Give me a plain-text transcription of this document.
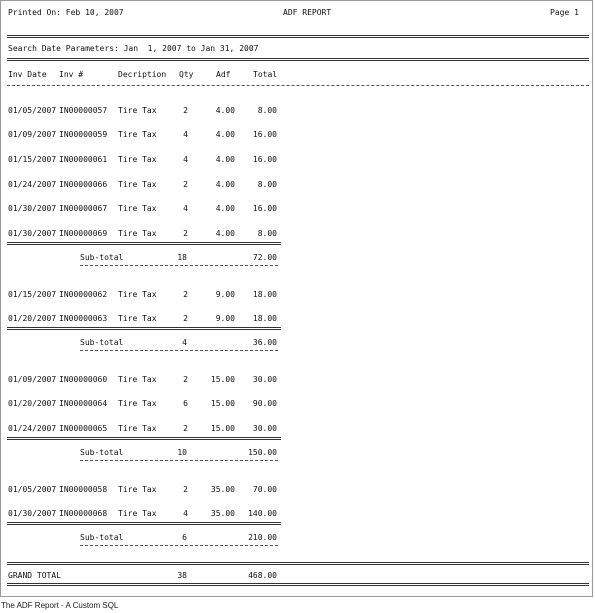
Printed On: Feb 10, 2007	ADF REPORT	Page 1
Search Date Parameters: Jan  1, 2007 to Jan 31, 2007
Inv Date Inv #	Decription Qty	Adf	Total
01/05/2007 IN00000057 Tire Tax	2	4.00	8.00
01/09/2007 IN00000059 Tire Tax	4	4.00	16.00
01/15/2007 IN00000061 Tire Tax	4	4.00	16.00
01/24/2007 IN00000066 Tire Tax	2	4.00	8.00
01/30/2007 IN00000067 Tire Tax	4	4.00	16.00
01/30/2007 IN00000069 Tire Tax	2	4.00	8.00
Sub-total	18	72.00
01/15/2007 IN00000062 Tire Tax	2	9.00	18.00
01/20/2007 IN00000063 Tire Tax	2	9.00	18.00
Sub-total	4	36.00
01/09/2007 IN00000060 Tire Tax	2	15.00	30.00
01/20/2007 IN00000064 Tire Tax	6	15.00	90.00
01/24/2007 IN00000065 Tire Tax	2	15.00	30.00
Sub-total	10	150.00
01/05/2007 IN00000058 Tire Tax	2	35.00	70.00
01/30/2007 IN00000068 Tire Tax	4	35.00	140.00
Sub-total	6	210.00
GRAND TOTAL	38	468.00
The ADF Report - A Custom SQL
